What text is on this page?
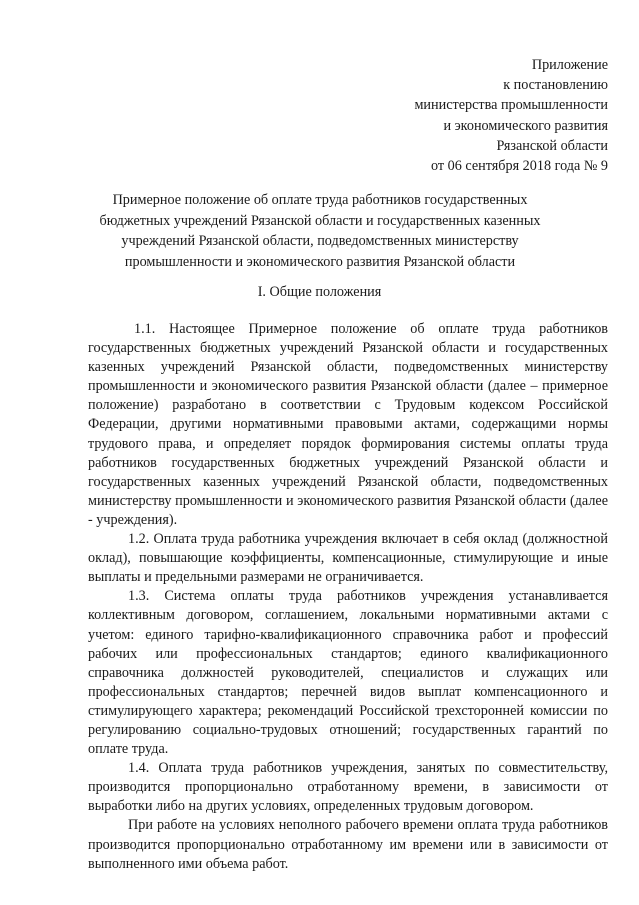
Приложение
к постановлению
министерства промышленности
и экономического развития
Рязанской области
от 06 сентября 2018 года № 9
Примерное положение об оплате труда работников государственных
бюджетных учреждений Рязанской области и государственных казенных
учреждений Рязанской области, подведомственных министерству
промышленности и экономического развития Рязанской области
I. Общие положения

1.1. Настоящее Примерное положение об оплате труда работников государственных бюджетных учреждений Рязанской области и государственных казенных учреждений Рязанской области, подведомственных министерству промышленности и экономического развития Рязанской области (далее – примерное положение) разработано в соответствии с Трудовым кодексом Российской Федерации, другими нормативными правовыми актами, содержащими нормы трудового права, и определяет порядок формирования системы оплаты труда работников государственных бюджетных учреждений Рязанской области и государственных казенных учреждений Рязанской области, подведомственных министерству промышленности и экономического развития Рязанской области (далее - учреждения).

1.2. Оплата труда работника учреждения включает в себя оклад (должностной оклад), повышающие коэффициенты, компенсационные, стимулирующие и иные выплаты и предельными размерами не ограничивается.

1.3. Система оплаты труда работников учреждения устанавливается коллективным договором, соглашением, локальными нормативными актами с учетом: единого тарифно-квалификационного справочника работ и профессий рабочих или профессиональных стандартов; единого квалификационного справочника должностей руководителей, специалистов и служащих или профессиональных стандартов; перечней видов выплат компенсационного и стимулирующего характера; рекомендаций Российской трехсторонней комиссии по регулированию социально-трудовых отношений; государственных гарантий по оплате труда.

1.4. Оплата труда работников учреждения, занятых по совместительству, производится пропорционально отработанному времени, в зависимости от выработки либо на других условиях, определенных трудовым договором.

При работе на условиях неполного рабочего времени оплата труда работников производится пропорционально отработанному им времени или в зависимости от выполненного ими объема работ.
